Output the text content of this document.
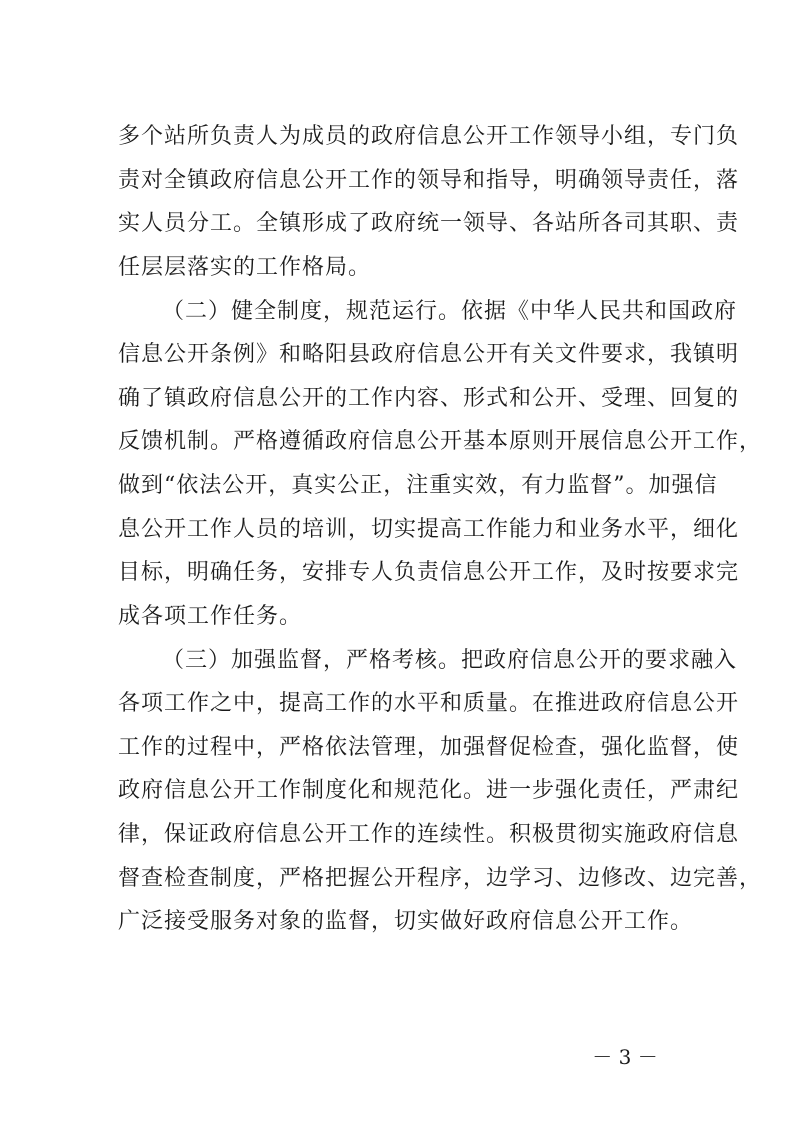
多个站所负责人为成员的政府信息公开工作领导小组，专门负
责对全镇政府信息公开工作的领导和指导，明确领导责任，落
实人员分工。全镇形成了政府统一领导、各站所各司其职、责
任层层落实的工作格局。
（二）健全制度，规范运行。依据《中华人民共和国政府
信息公开条例》和略阳县政府信息公开有关文件要求，我镇明
确了镇政府信息公开的工作内容、形式和公开、受理、回复的
反馈机制。严格遵循政府信息公开基本原则开展信息公开工作，
做到“依法公开，真实公正，注重实效，有力监督”。加强信
息公开工作人员的培训，切实提高工作能力和业务水平，细化
目标，明确任务，安排专人负责信息公开工作，及时按要求完
成各项工作任务。
（三）加强监督，严格考核。把政府信息公开的要求融入
各项工作之中，提高工作的水平和质量。在推进政府信息公开
工作的过程中，严格依法管理，加强督促检查，强化监督，使
政府信息公开工作制度化和规范化。进一步强化责任，严肃纪
律，保证政府信息公开工作的连续性。积极贯彻实施政府信息
督查检查制度，严格把握公开程序，边学习、边修改、边完善，
广泛接受服务对象的监督，切实做好政府信息公开工作。
－ 3 －
